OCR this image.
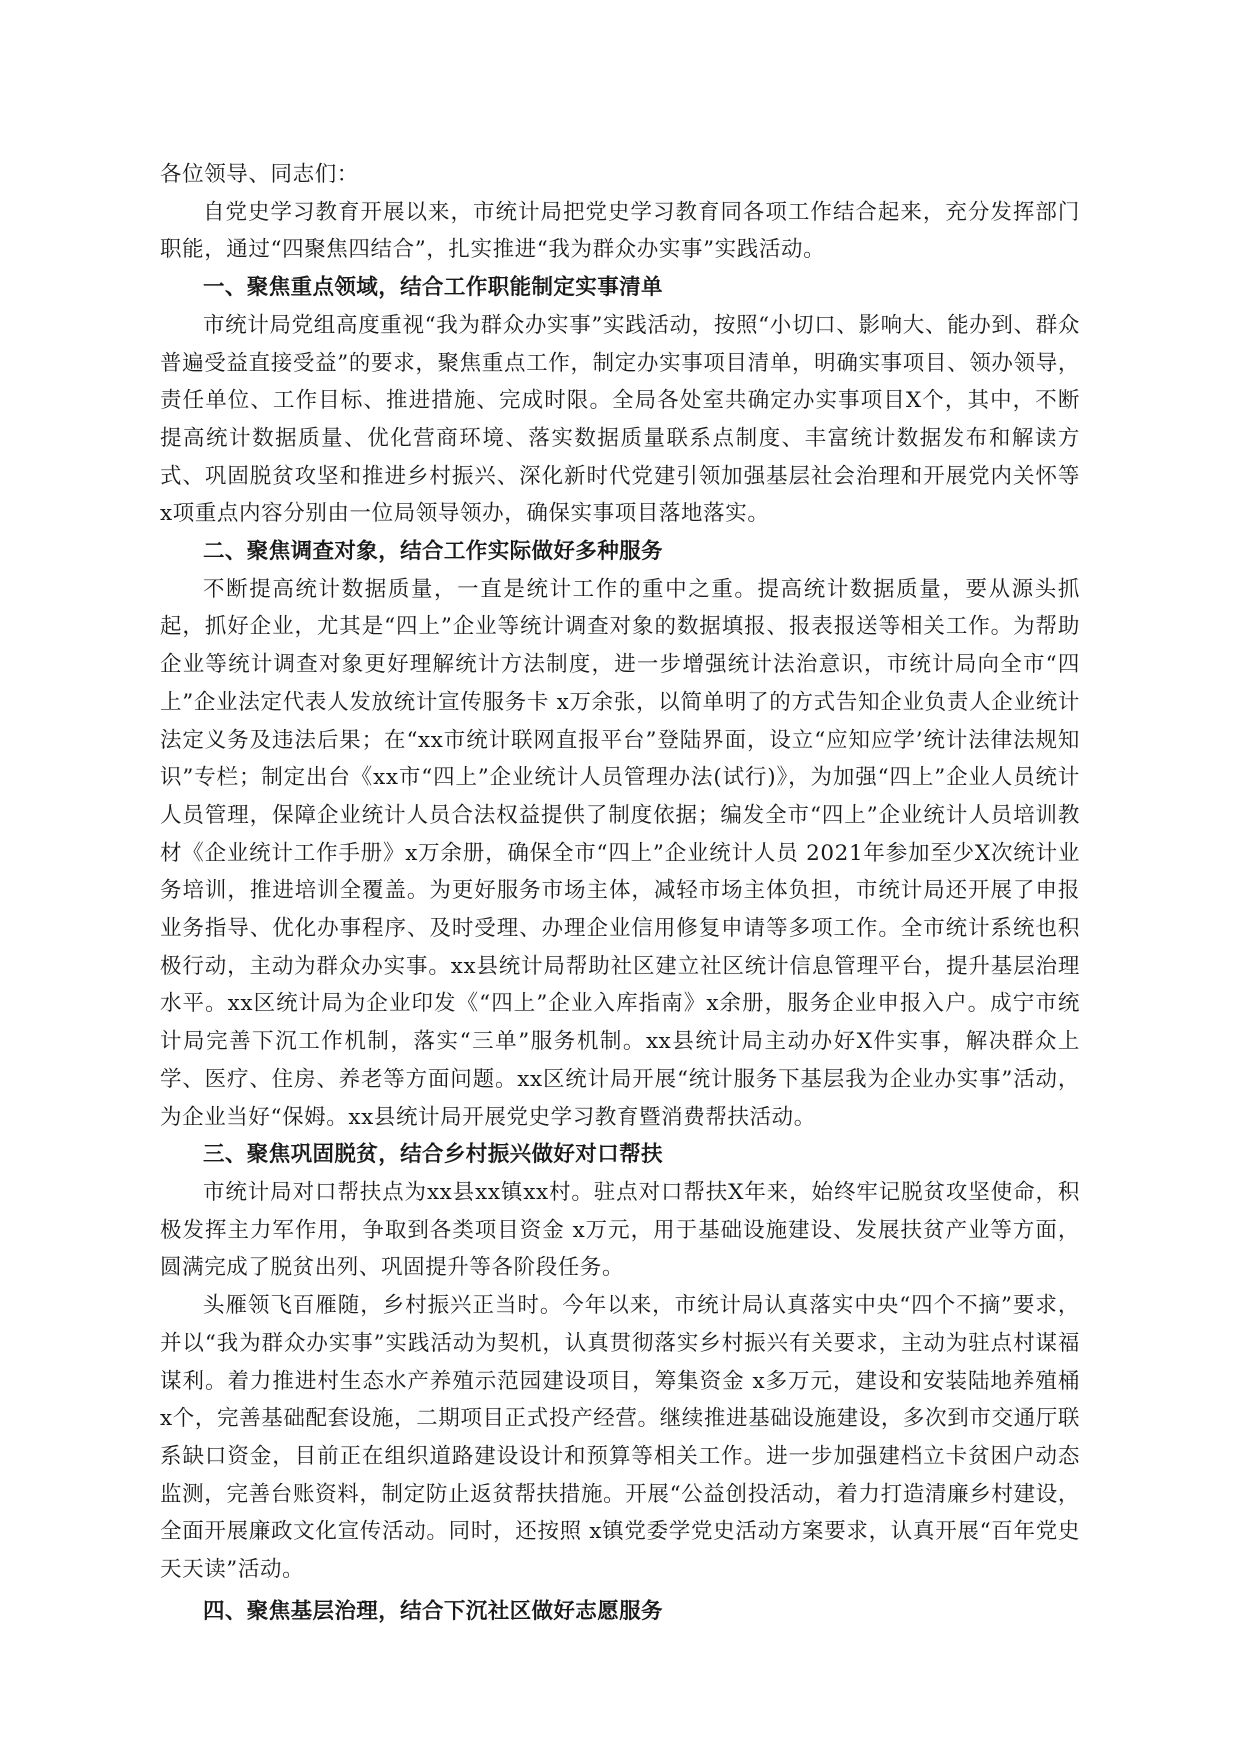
各位领导、同志们：

自党史学习教育开展以来，市统计局把党史学习教育同各项工作结合起来，充分发挥部门职能，通过“四聚焦四结合”，扎实推进“我为群众办实事”实践活动。

一、聚焦重点领域，结合工作职能制定实事清单

市统计局党组高度重视“我为群众办实事”实践活动，按照“小切口、影响大、能办到、群众普遍受益直接受益”的要求，聚焦重点工作，制定办实事项目清单，明确实事项目、领办领导，责任单位、工作目标、推进措施、完成时限。全局各处室共确定办实事项目X个，其中，不断提高统计数据质量、优化营商环境、落实数据质量联系点制度、丰富统计数据发布和解读方式、巩固脱贫攻坚和推进乡村振兴、深化新时代党建引领加强基层社会治理和开展党内关怀等 x项重点内容分别由一位局领导领办，确保实事项目落地落实。

二、聚焦调查对象，结合工作实际做好多种服务

不断提高统计数据质量，一直是统计工作的重中之重。提高统计数据质量，要从源头抓起，抓好企业，尤其是“四上”企业等统计调查对象的数据填报、报表报送等相关工作。为帮助企业等统计调查对象更好理解统计方法制度，进一步增强统计法治意识，市统计局向全市“四上”企业法定代表人发放统计宣传服务卡 x万余张，以简单明了的方式告知企业负责人企业统计法定义务及违法后果；在“xx市统计联网直报平台”登陆界面，设立“应知应学’统计法律法规知识”专栏；制定出台《xx市“四上”企业统计人员管理办法(试行)》，为加强“四上”企业人员统计人员管理，保障企业统计人员合法权益提供了制度依据；编发全市“四上”企业统计人员培训教材《企业统计工作手册》x万余册，确保全市“四上”企业统计人员 2021年参加至少X次统计业务培训，推进培训全覆盖。为更好服务市场主体，减轻市场主体负担，市统计局还开展了申报业务指导、优化办事程序、及时受理、办理企业信用修复申请等多项工作。全市统计系统也积极行动，主动为群众办实事。xx县统计局帮助社区建立社区统计信息管理平台，提升基层治理水平。xx区统计局为企业印发《“四上”企业入库指南》x余册，服务企业申报入户。成宁市统计局完善下沉工作机制，落实“三单”服务机制。xx县统计局主动办好X件实事，解决群众上学、医疗、住房、养老等方面问题。xx区统计局开展“统计服务下基层我为企业办实事”活动，为企业当好“保姆。xx县统计局开展党史学习教育暨消费帮扶活动。

三、聚焦巩固脱贫，结合乡村振兴做好对口帮扶

市统计局对口帮扶点为xx县xx镇xx村。驻点对口帮扶X年来，始终牢记脱贫攻坚使命，积极发挥主力军作用，争取到各类项目资金 x万元，用于基础设施建设、发展扶贫产业等方面，圆满完成了脱贫出列、巩固提升等各阶段任务。

头雁领飞百雁随，乡村振兴正当时。今年以来，市统计局认真落实中央“四个不摘”要求，并以“我为群众办实事”实践活动为契机，认真贯彻落实乡村振兴有关要求，主动为驻点村谋福谋利。着力推进村生态水产养殖示范园建设项目，筹集资金 x多万元，建设和安装陆地养殖桶 x个，完善基础配套设施，二期项目正式投产经营。继续推进基础设施建设，多次到市交通厅联系缺口资金，目前正在组织道路建设设计和预算等相关工作。进一步加强建档立卡贫困户动态监测，完善台账资料，制定防止返贫帮扶措施。开展“公益创投活动，着力打造清廉乡村建设，全面开展廉政文化宣传活动。同时，还按照 x镇党委学党史活动方案要求，认真开展“百年党史天天读”活动。

四、聚焦基层治理，结合下沉社区做好志愿服务
